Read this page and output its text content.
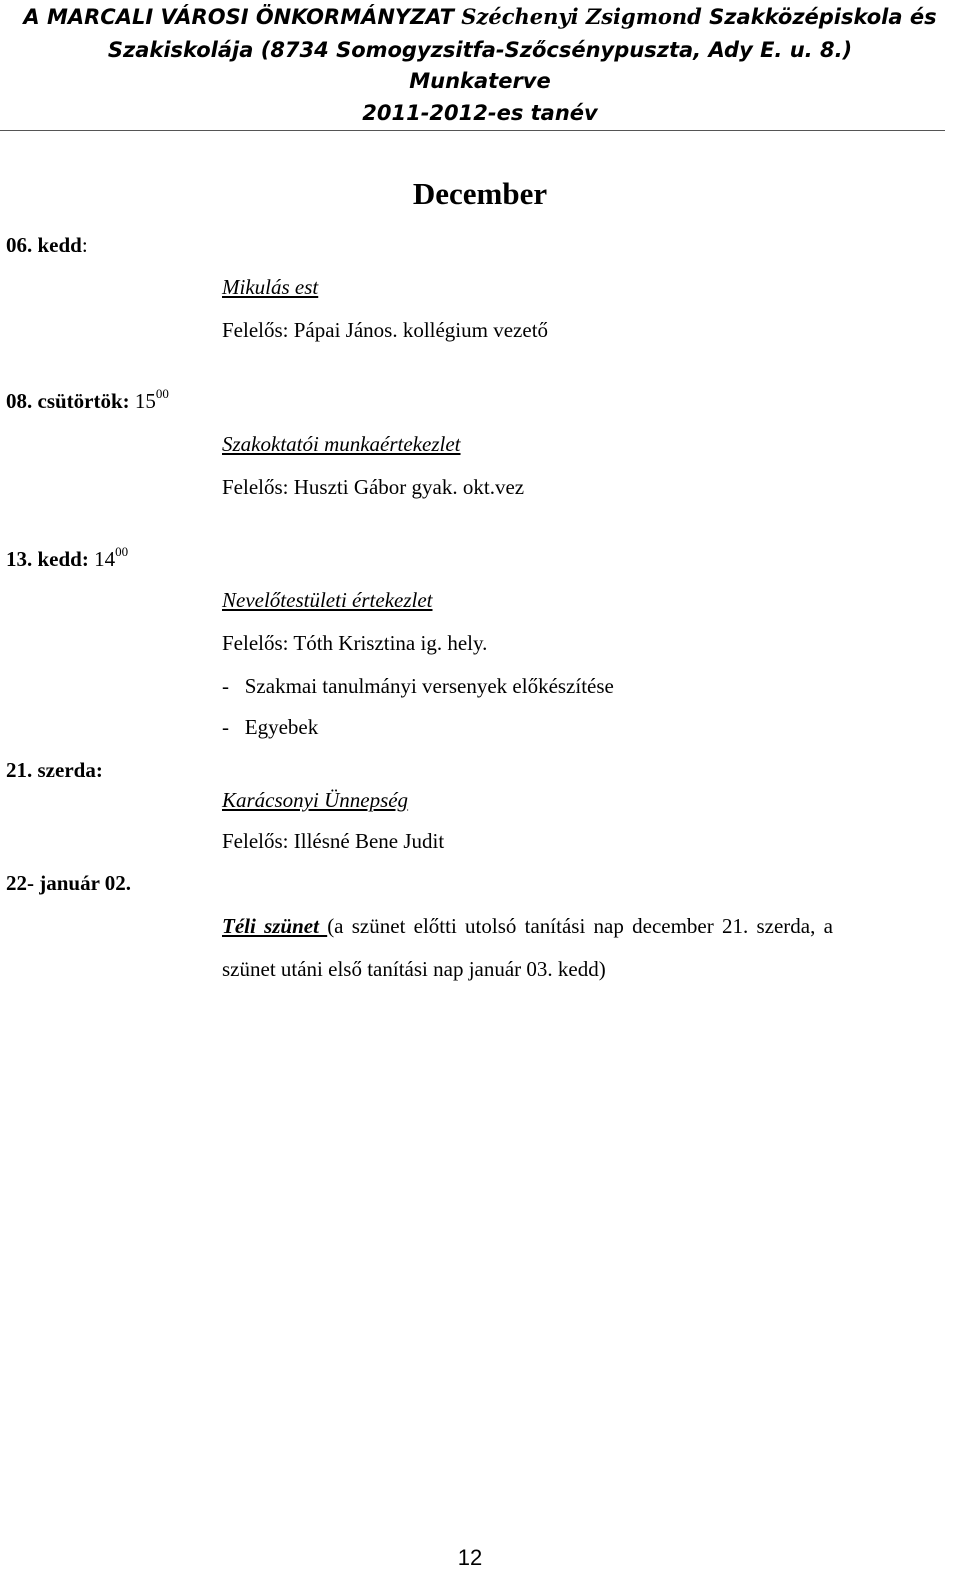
A MARCALI VÁROSI ÖNKORMÁNYZAT Széchenyi Zsigmond Szakközépiskola és
Szakiskolája (8734 Somogyzsitfa-Szőcsénypuszta, Ady E. u. 8.)
Munkaterve
2011-2012-es tanév
December
06. kedd:
Mikulás est
Felelős: Pápai János. kollégium vezető
08. csütörtök: $15^{00}$
Szakoktatói munkaértekezlet
Felelős: Huszti Gábor gyak. okt.vez
13. kedd: $14^{00}$
Nevelőtestületi értekezlet
Felelős: Tóth Krisztina ig. hely.
-   Szakmai tanulmányi versenyek előkészítése
-   Egyebek
21. szerda:
Karácsonyi Ünnepség
Felelős: Illésné Bene Judit
22- január 02.
Téli szünet (a szünet előtti utolsó tanítási nap december 21. szerda, a
szünet utáni első tanítási nap január 03. kedd)
12
